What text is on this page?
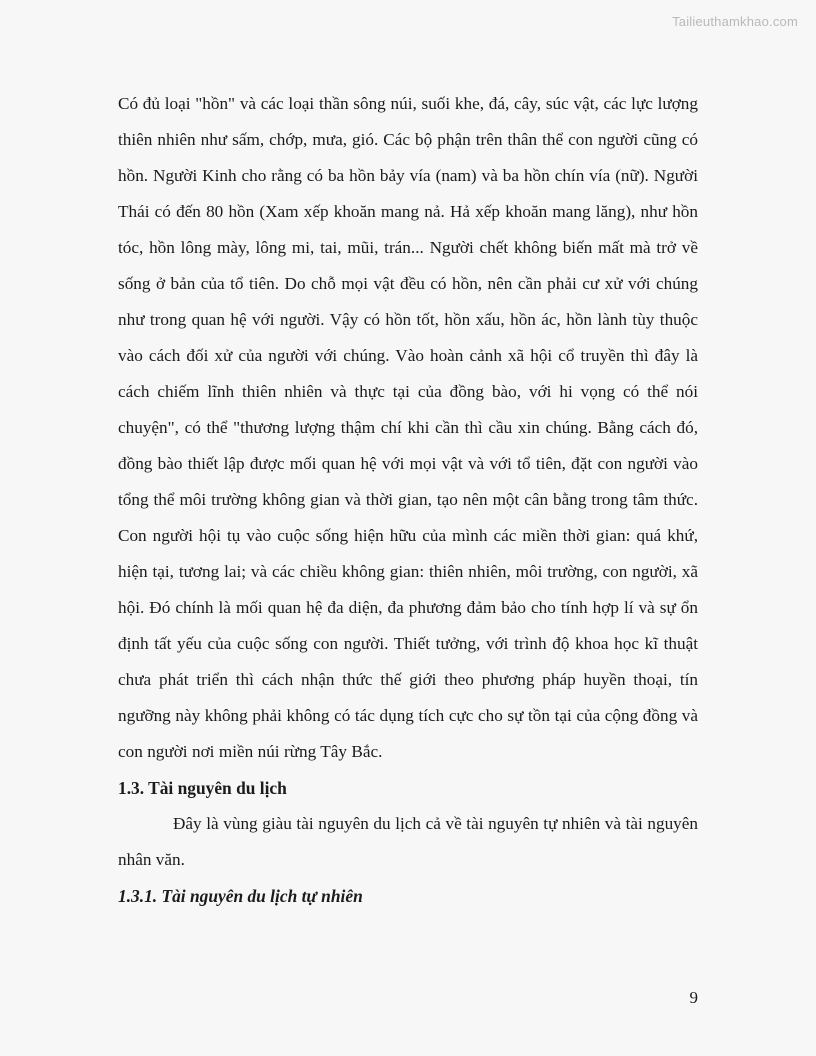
Tailieuthamkhao.com

Có đủ loại "hồn" và các loại thần sông núi, suối khe, đá, cây, súc vật, các lực lượng thiên nhiên như sấm, chớp, mưa, gió. Các bộ phận trên thân thể con người cũng có hồn. Người Kinh cho rằng có ba hồn bảy vía (nam) và ba hồn chín vía (nữ). Người Thái có đến 80 hồn (Xam xếp khoăn mang nả. Hả xếp khoăn mang lăng), như hồn tóc, hồn lông mày, lông mi, tai, mũi, trán... Người chết không biến mất mà trở về sống ở bản của tổ tiên. Do chỗ mọi vật đều có hồn, nên cần phải cư xử với chúng như trong quan hệ với người. Vậy có hồn tốt, hồn xấu, hồn ác, hồn lành tùy thuộc vào cách đối xử của người với chúng. Vào hoàn cảnh xã hội cổ truyền thì đây là cách chiếm lĩnh thiên nhiên và thực tại của đồng bào, với hi vọng có thể nói chuyện", có thể "thương lượng thậm chí khi cần thì cầu xin chúng. Bằng cách đó, đồng bào thiết lập được mối quan hệ với mọi vật và với tổ tiên, đặt con người vào tổng thể môi trường không gian và thời gian, tạo nên một cân bằng trong tâm thức. Con người hội tụ vào cuộc sống hiện hữu của mình các miền thời gian: quá khứ, hiện tại, tương lai; và các chiều không gian: thiên nhiên, môi trường, con người, xã hội. Đó chính là mối quan hệ đa diện, đa phương đảm bảo cho tính hợp lí và sự ổn định tất yếu của cuộc sống con người. Thiết tưởng, với trình độ khoa học kĩ thuật chưa phát triển thì cách nhận thức thế giới theo phương pháp huyền thoại, tín ngưỡng này không phải không có tác dụng tích cực cho sự tồn tại của cộng đồng và con người nơi miền núi rừng Tây Bắc.

1.3. Tài nguyên du lịch

Đây là vùng giàu tài nguyên du lịch cả về tài nguyên tự nhiên và tài nguyên nhân văn.

1.3.1. Tài nguyên du lịch tự nhiên
9
